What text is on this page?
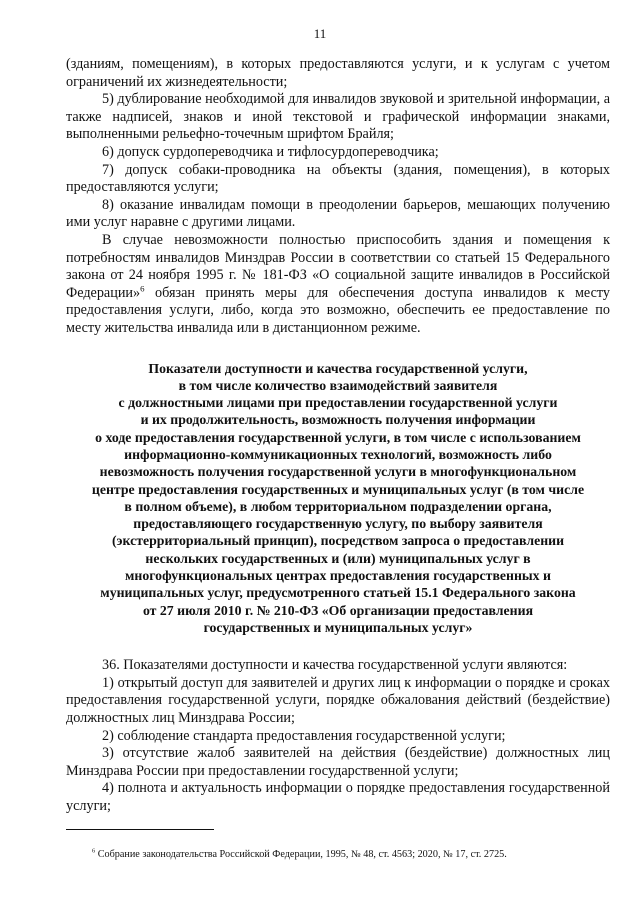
11

(зданиям, помещениям), в которых предоставляются услуги, и к услугам с учетом ограничений их жизнедеятельности;

5) дублирование необходимой для инвалидов звуковой и зрительной информации, а также надписей, знаков и иной текстовой и графической информации знаками, выполненными рельефно-точечным шрифтом Брайля;

6) допуск сурдопереводчика и тифлосурдопереводчика;

7) допуск собаки-проводника на объекты (здания, помещения), в которых предоставляются услуги;

8) оказание инвалидам помощи в преодолении барьеров, мешающих получению ими услуг наравне с другими лицами.

В случае невозможности полностью приспособить здания и помещения к потребностям инвалидов Минздрав России в соответствии со статьей 15 Федерального закона от 24 ноября 1995 г. № 181-ФЗ «О социальной защите инвалидов в Российской Федерации»$^6$ обязан принять меры для обеспечения доступа инвалидов к месту предоставления услуги, либо, когда это возможно, обеспечить ее предоставление по месту жительства инвалида или в дистанционном режиме.

Показатели доступности и качества государственной услуги,
в том числе количество взаимодействий заявителя
с должностными лицами при предоставлении государственной услуги
и их продолжительность, возможность получения информации
о ходе предоставления государственной услуги, в том числе с использованием
информационно-коммуникационных технологий, возможность либо
невозможность получения государственной услуги в многофункциональном
центре предоставления государственных и муниципальных услуг (в том числе
в полном объеме), в любом территориальном подразделении органа,
предоставляющего государственную услугу, по выбору заявителя
(экстерриториальный принцип), посредством запроса о предоставлении
нескольких государственных и (или) муниципальных услуг в
многофункциональных центрах предоставления государственных и
муниципальных услуг, предусмотренного статьей 15.1 Федерального закона
от 27 июля 2010 г. № 210-ФЗ «Об организации предоставления
государственных и муниципальных услуг»

36. Показателями доступности и качества государственной услуги являются:

1) открытый доступ для заявителей и других лиц к информации о порядке и сроках предоставления государственной услуги, порядке обжалования действий (бездействие) должностных лиц Минздрава России;

2) соблюдение стандарта предоставления государственной услуги;

3) отсутствие жалоб заявителей на действия (бездействие) должностных лиц Минздрава России при предоставлении государственной услуги;

4) полнота и актуальность информации о порядке предоставления государственной услуги;

$^6$ Собрание законодательства Российской Федерации, 1995, № 48, ст. 4563; 2020, № 17, ст. 2725.
